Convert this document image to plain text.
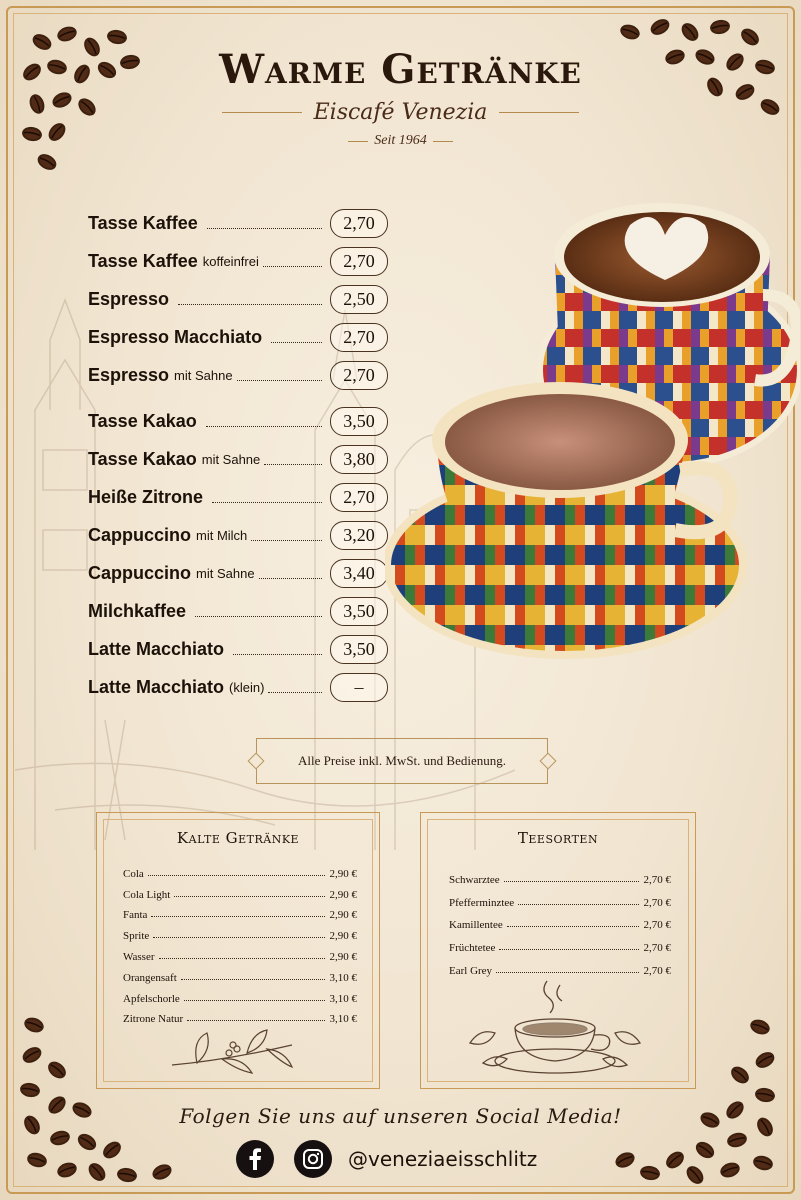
Warme Getränke
Eiscafé Venezia
Seit 1964
Tasse Kaffee	2,70
Tasse Kaffee koffeinfrei	2,70
Espresso	2,50
Espresso Macchiato	2,70
Espresso mit Sahne	2,70
Tasse Kakao	3,50
Tasse Kakao mit Sahne	3,80
Heiße Zitrone	2,70
Cappuccino mit Milch	3,20
Cappuccino mit Sahne	3,40
Milchkaffee	3,50
Latte Macchiato	3,50
Latte Macchiato (klein)	–
Alle Preise inkl. MwSt. und Bedienung.
Kalte Getränke
Cola	2,90 €
Cola Light	2,90 €
Fanta	2,90 €
Sprite	2,90 €
Wasser	2,90 €
Orangensaft	3,10 €
Apfelschorle	3,10 €
Zitrone Natur	3,10 €
Teesorten
Schwarztee	2,70 €
Pfefferminztee	2,70 €
Kamillentee	2,70 €
Früchtetee	2,70 €
Earl Grey	2,70 €
Folgen Sie uns auf unseren Social Media!
@veneziaeisschlitz
